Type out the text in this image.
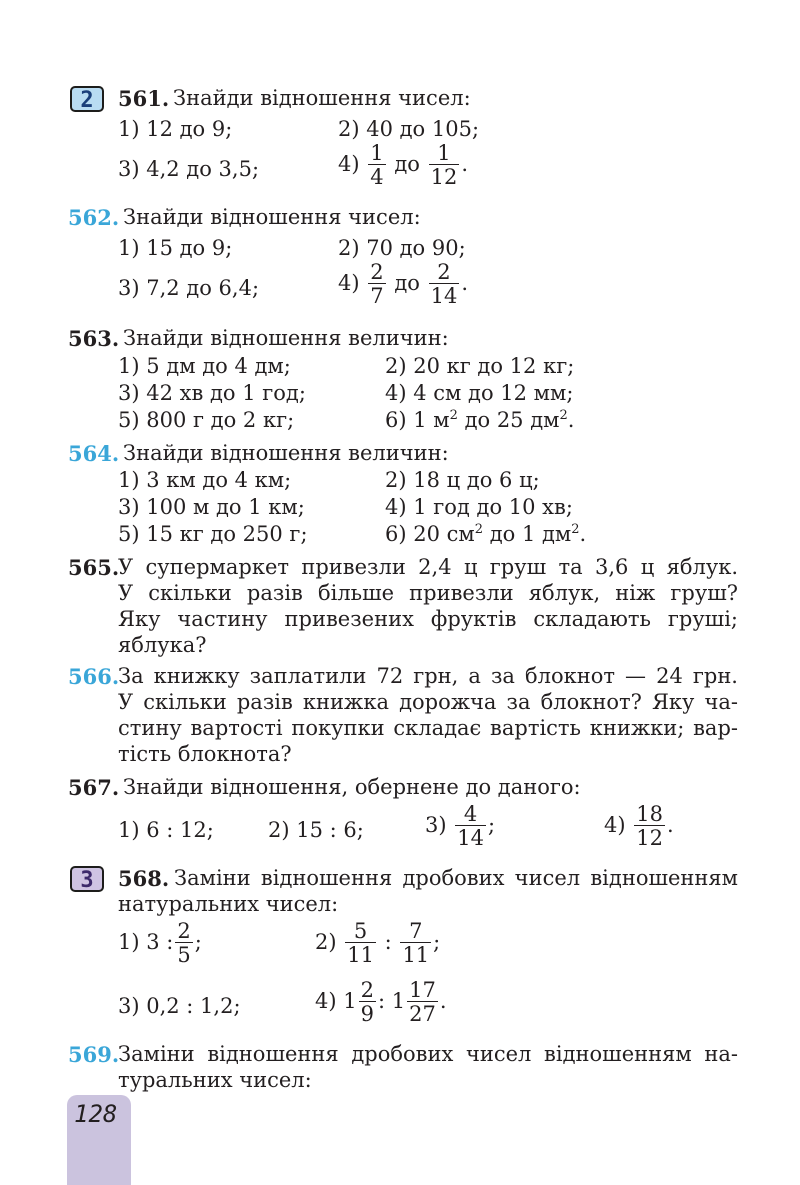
2	561. Знайди відношення чисел:
1) 12 до 9;	2) 40 до 105;
3) 4,2 до 3,5;	$4) \frac{1}{4}$ до $\frac{1}{12}$ .
562. Знайди відношення чисел:
1) 15 до 9;	2) 70 до 90;
3) 7,2 до 6,4;	$4) \frac{2}{7}$ до $\frac{2}{14}$ .
563. Знайди відношення величин:
1) 5 дм до 4 дм;	2) 20 кг до 12 кг;
3) 42 хв до 1 год;	4) 4 см до 12 мм;
5) 800 г до 2 кг;	6) 1 $м^2$ до 25 $дм^2$.
564. Знайди відношення величин:
1) 3 км до 4 км;	2) 18 ц до 6 ц;
3) 100 м до 1 км;	4) 1 год до 10 хв;
5) 15 кг до 250 г;	6) 20 $см^2$ до 1 $дм^2$.
565.
У супермаркет привезли 2,4 ц груш та 3,6 ц яблук.
У скільки разів більше привезли яблук, ніж груш?
Яку частину привезених фруктів складають груші;
яблука?
566.
За книжку заплатили 72 грн, а за блокнот — 24 грн.
У скільки разів книжка дорожча за блокнот? Яку ча-
стину вартості покупки складає вартість книжки; вар-
тість блокнота?
567. Знайди відношення, обернене до даного:
1) 6 : 12;	2) 15 : 6;	$3) \frac{4}{14}$ ;	$4) \frac{18}{12}$ .
3	568. Заміни відношення дробових чисел відношенням
натуральних чисел:
1) 3 : $\frac{2}{5}$ ;	$2) \frac{5}{11}$ : $\frac{7}{11}$ ;
3) 0,2 : 1,2;	4) $1 \frac{2}{9}$ : $1 \frac{17}{27}$ .
569.
Заміни відношення дробових чисел відношенням на-
туральних чисел:
128
